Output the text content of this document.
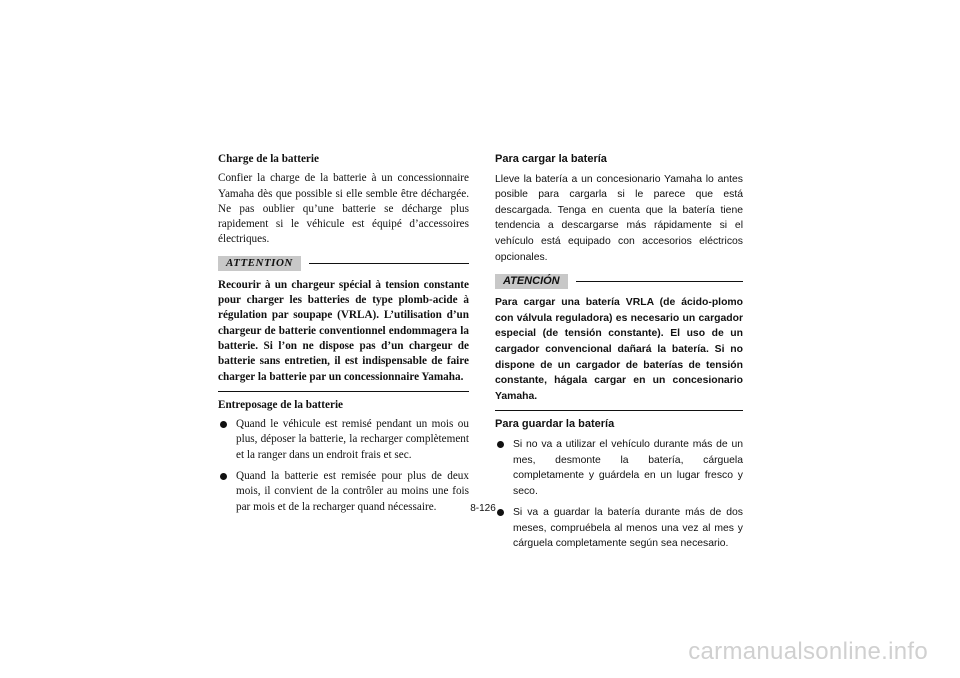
Charge de la batterie

Confier la charge de la batterie à un concessionnaire Yamaha dès que possible si elle semble être déchargée. Ne pas oublier qu’une batterie se décharge plus rapidement si le véhicule est équipé d’accessoires électriques.

ATTENTION

Recourir à un chargeur spécial à tension constante pour charger les batteries de type plomb-acide à régulation par soupape (VRLA). L’utilisation d’un chargeur de batterie conventionnel endommagera la batterie. Si l’on ne dispose pas d’un chargeur de batterie sans entretien, il est indispensable de faire charger la batterie par un concessionnaire Yamaha.

Entreposage de la batterie

Quand le véhicule est remisé pendant un mois ou plus, déposer la batterie, la recharger complètement et la ranger dans un endroit frais et sec.
Quand la batterie est remisée pour plus de deux mois, il convient de la contrôler au moins une fois par mois et de la recharger quand nécessaire.

Para cargar la batería

Lleve la batería a un concesionario Yamaha lo antes posible para cargarla si le parece que está descargada. Tenga en cuenta que la batería tiene tendencia a descargarse más rápidamente si el vehículo está equipado con accesorios eléctricos opcionales.

ATENCIÓN

Para cargar una batería VRLA (de ácido-plomo con válvula reguladora) es necesario un cargador especial (de tensión constante). El uso de un cargador convencional dañará la batería. Si no dispone de un cargador de baterías de tensión constante, hágala cargar en un concesionario Yamaha.

Para guardar la batería

Si no va a utilizar el vehículo durante más de un mes, desmonte la batería, cárguela completamente y guárdela en un lugar fresco y seco.
Si va a guardar la batería durante más de dos meses, compruébela al menos una vez al mes y cárguela completamente según sea necesario.
8-126
carmanualsonline.info
